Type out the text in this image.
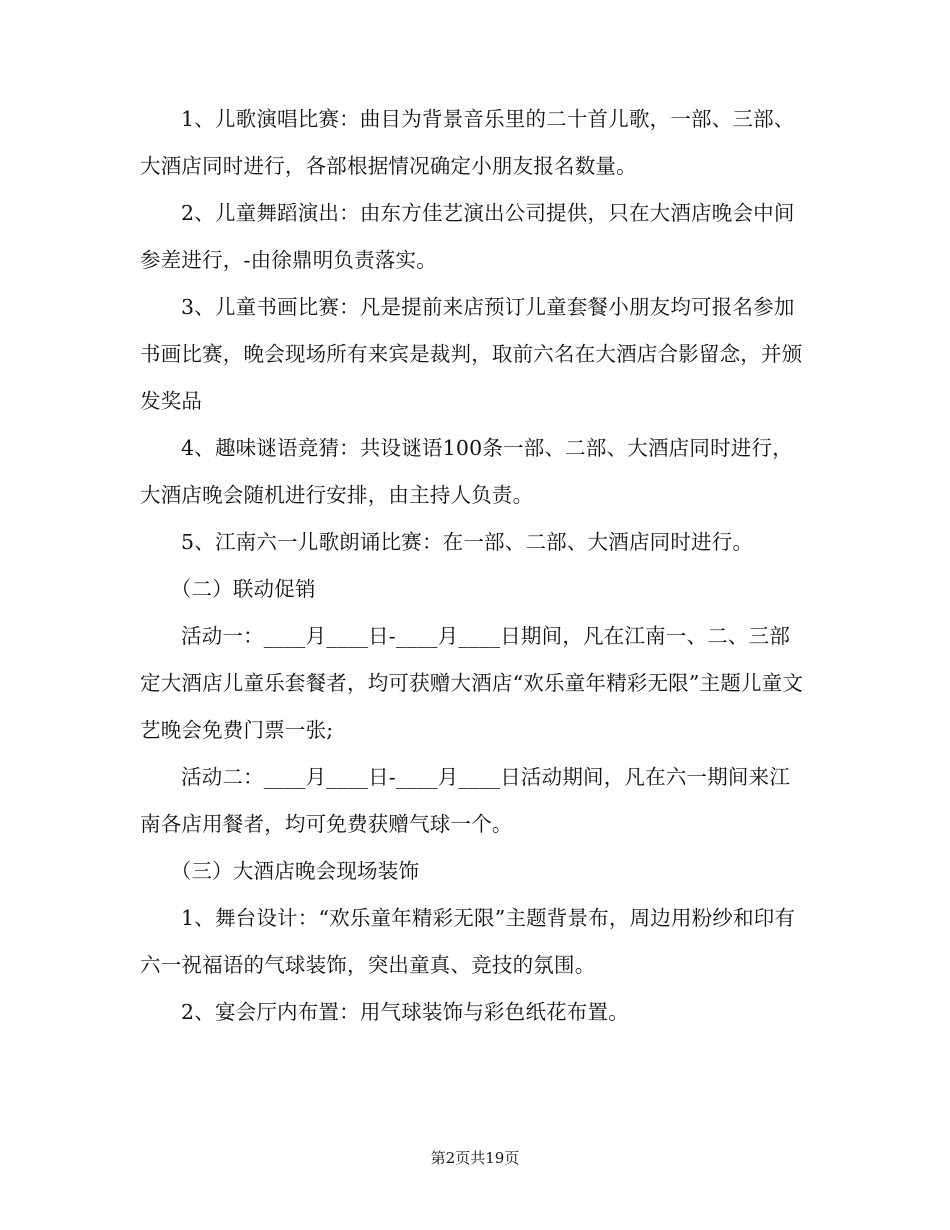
1、儿歌演唱比赛：曲目为背景音乐里的二十首儿歌，一部、三部、大酒店同时进行，各部根据情况确定小朋友报名数量。

2、儿童舞蹈演出：由东方佳艺演出公司提供，只在大酒店晚会中间参差进行，-由徐鼎明负责落实。

3、儿童书画比赛：凡是提前来店预订儿童套餐小朋友均可报名参加书画比赛，晚会现场所有来宾是裁判，取前六名在大酒店合影留念，并颁发奖品

4、趣味谜语竞猜：共设谜语100条一部、二部、大酒店同时进行，大酒店晚会随机进行安排，由主持人负责。

5、江南六一儿歌朗诵比赛：在一部、二部、大酒店同时进行。

（二）联动促销

活动一：____月____日-____月____日期间，凡在江南一、二、三部定大酒店儿童乐套餐者，均可获赠大酒店“欢乐童年精彩无限”主题儿童文艺晚会免费门票一张;

活动二：____月____日-____月____日活动期间，凡在六一期间来江南各店用餐者，均可免费获赠气球一个。

（三）大酒店晚会现场装饰

1、舞台设计：“欢乐童年精彩无限”主题背景布，周边用粉纱和印有六一祝福语的气球装饰，突出童真、竞技的氛围。

2、宴会厅内布置：用气球装饰与彩色纸花布置。

第2页共19页
